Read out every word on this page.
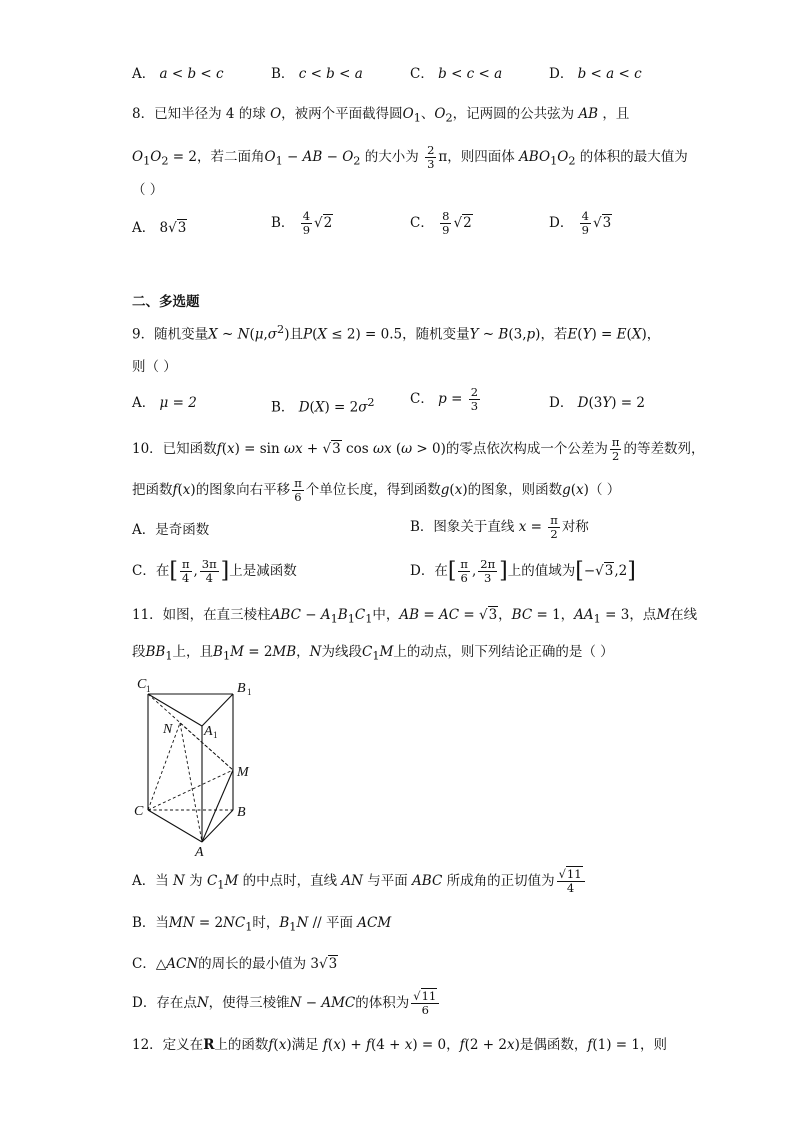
A． a < b < c	B． c < b < a	C． b < c < a	D． b < a < c
8．已知半径为 4 的球 O，被两个平面截得圆$O_1$、$O_2$，记两圆的公共弦为 AB ，且
$O_1O_2 = 2$，若二面角$O_1$ − AB − $O_2$ 的大小为 $\frac{2}{3}$ π，则四面体 $ABO_1O_2$ 的体积的最大值为
（ ）
A． 8√3	B． $\frac{4}{9} √2$	C． $\frac{8}{9} √2$	D． $\frac{4}{9} √3$
二、多选题
9．随机变量X ~ $N(\mu,\sigma^2)$且P(X ≤ 2) = 0.5，随机变量Y ~ B(3,p)，若E(Y) = E(X)，
则（ ）
A． μ = 2	B． $D(X) = 2\sigma^2$	C． $p = \frac{2}{3}$	D． D(3Y) = 2
10．已知函数f(x) = sin ωx + √3 cos ωx (ω > 0)的零点依次构成一个公差为 $\frac{\pi}{2}$ 的等差数列，
把函数f(x)的图象向右平移 $\frac{\pi}{6}$ 个单位长度，得到函数g(x)的图象，则函数g(x)（ ）
A．是奇函数	B．图象关于直线 $x = \frac{\pi}{2}$ 对称
C．在[ $\frac{\pi}{4}$ , $\frac{3\pi}{4}$ ]上是减函数	D．在[ $\frac{\pi}{6}$ , $\frac{2\pi}{3}$ ]上的值域为[−√3,2]
11．如图，在直三棱柱ABC − $A_1B_1C_1$中，AB = AC = √3，BC = 1，$AA_1 = 3$，点M在线
段$BB_1$上，且$B_1M = 2MB$，N为线段$C_1M$上的动点，则下列结论正确的是（ ）
C 1	B 1
N A 1
M
C	B
A
A．当 N 为 $C_1M$ 的中点时，直线 AN 与平面 ABC 所成角的正切值为 $\frac{√11}{4}$
B．当MN = $2NC_1$时，$B_1N$ // 平面 ACM
C．△ACN的周长的最小值为 3√3
D．存在点N，使得三棱锥N − AMC的体积为 $\frac{√11}{6}$
12．定义在R上的函数f(x)满足 f(x) + f(4 + x) = 0，f(2 + 2x)是偶函数，f(1) = 1，则
